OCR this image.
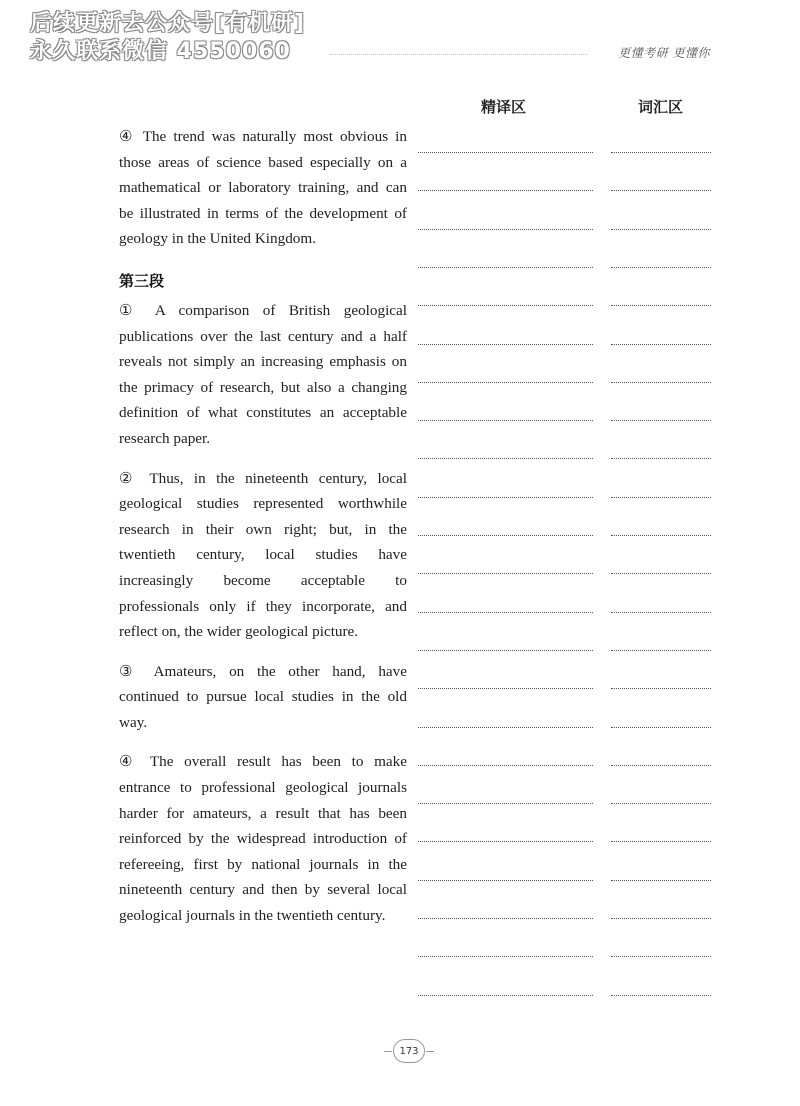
后续更新去公众号[有机研]
永久联系微信 4550060	更懂考研 更懂你
精译区	词汇区

④ The trend was naturally most obvious in those areas of science based especially on a mathematical or laboratory training, and can be illustrated in terms of the development of geology in the United Kingdom.

第三段

① A comparison of British geological publications over the last century and a half reveals not simply an increasing emphasis on the primacy of research, but also a changing definition of what constitutes an acceptable research paper.

② Thus, in the nineteenth century, local geological studies represented worthwhile research in their own right; but, in the twentieth century, local studies have increasingly become acceptable to professionals only if they incorporate, and reflect on, the wider geological picture.

③ Amateurs, on the other hand, have continued to pursue local studies in the old way.

④ The overall result has been to make entrance to professional geological journals harder for amateurs, a result that has been reinforced by the widespread introduction of refereeing, first by national journals in the nineteenth century and then by several local geological journals in the twentieth century.

173
